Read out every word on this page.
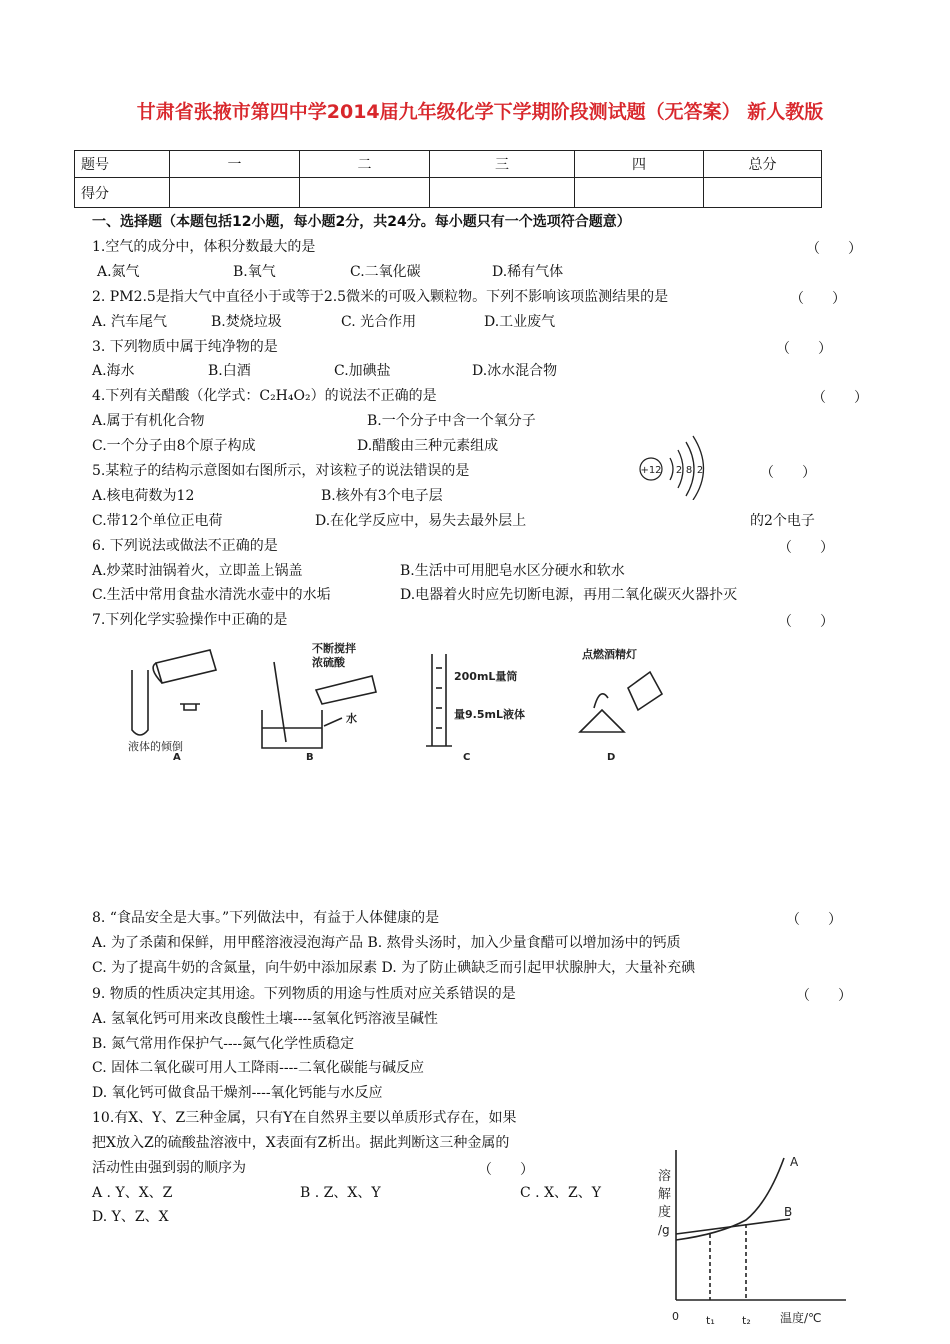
甘肃省张掖市第四中学2014届九年级化学下学期阶段测试题（无答案） 新人教版
题号	一	二	三	四	总分
得分					
一、选择题（本题包括12小题，每小题2分，共24分。每小题只有一个选项符合题意）
1.空气的成分中，体积分数最大的是	（　　）
A.氮气	B.氧气	C.二氧化碳	D.稀有气体
2. PM2.5是指大气中直径小于或等于2.5微米的可吸入颗粒物。下列不影响该项监测结果的是	（　　）
A. 汽车尾气	B.焚烧垃圾	C. 光合作用	D.工业废气
3. 下列物质中属于纯净物的是	（　　）
A.海水	B.白酒	C.加碘盐	D.冰水混合物
4.下列有关醋酸（化学式：C₂H₄O₂）的说法不正确的是	（　　）
A.属于有机化合物	B.一个分子中含一个氧分子
C.一个分子由8个原子构成	D.醋酸由三种元素组成
5.某粒子的结构示意图如右图所示，对该粒子的说法错误的是	+12 2 8 2	（　　）
A.核电荷数为12	B.核外有3个电子层
C.带12个单位正电荷	D.在化学反应中，易失去最外层上	的2个电子
6. 下列说法或做法不正确的是	（　　）
A.炒菜时油锅着火，立即盖上锅盖	B.生活中可用肥皂水区分硬水和软水
C.生活中常用食盐水清洗水壶中的水垢	D.电器着火时应先切断电源，再用二氧化碳灭火器扑灭
7.下列化学实验操作中正确的是	（　　）
液体的倾倒
不断搅拌
浓硫酸
水
200mL量筒
量9.5mL液体
点燃酒精灯
A	B	C	D
8. “食品安全是大事。”下列做法中，有益于人体健康的是	（　　）
A. 为了杀菌和保鲜，用甲醛溶液浸泡海产品 B. 熬骨头汤时，加入少量食醋可以增加汤中的钙质
C. 为了提高牛奶的含氮量，向牛奶中添加尿素 D. 为了防止碘缺乏而引起甲状腺肿大，大量补充碘
9. 物质的性质决定其用途。下列物质的用途与性质对应关系错误的是	（　　）
A. 氢氧化钙可用来改良酸性土壤----氢氧化钙溶液呈碱性
B. 氮气常用作保护气----氮气化学性质稳定
C. 固体二氧化碳可用人工降雨----二氧化碳能与碱反应
D. 氧化钙可做食品干燥剂----氧化钙能与水反应
10.有X、Y、Z三种金属，只有Y在自然界主要以单质形式存在，如果
把X放入Z的硫酸盐溶液中，X表面有Z析出。据此判断这三种金属的
活动性由强到弱的顺序为	（　　）
A . Y、X、Z	B . Z、X、Y	C . X、Z、Y
D. Y、Z、X
溶
解
度
/g
A
B
0 t₁ t₂ 温度/℃
